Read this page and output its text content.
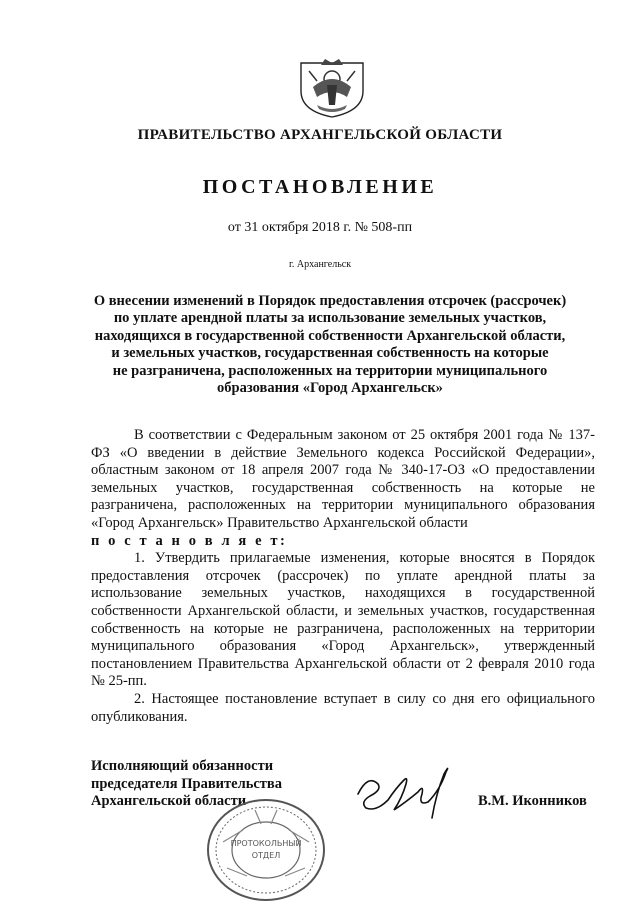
ПРАВИТЕЛЬСТВО АРХАНГЕЛЬСКОЙ ОБЛАСТИ
ПОСТАНОВЛЕНИЕ
от 31 октября 2018 г. № 508-пп
г. Архангельск
О внесении изменений в Порядок предоставления отсрочек (рассрочек)
по уплате арендной платы за использование земельных участков,
находящихся в государственной собственности Архангельской области,
и земельных участков, государственная собственность на которые
не разграничена, расположенных на территории муниципального
образования «Город Архангельск»

В соответствии с Федеральным законом от 25 октября 2001 года № 137-ФЗ «О введении в действие Земельного кодекса Российской Федерации», областным законом от 18 апреля 2007 года № 340-17-ОЗ «О предоставлении земельных участков, государственная собственность на которые не разграничена, расположенных на территории муниципального образования «Город Архангельск» Правительство Архангельской области

п о с т а н о в л я е т:

1. Утвердить прилагаемые изменения, которые вносятся в Порядок предоставления отсрочек (рассрочек) по уплате арендной платы за использование земельных участков, находящихся в государственной собственности Архангельской области, и земельных участков, государственная собственность на которые не разграничена, расположенных на территории муниципального образования «Город Архангельск», утвержденный постановлением Правительства Архангельской области от 2 февраля 2010 года № 25-пп.

2. Настоящее постановление вступает в силу со дня его официального опубликования.

Исполняющий обязанности
председателя Правительства
Архангельской области	В.М. Иконников
ПРОТОКОЛЬНЫЙ
ОТДЕЛ
